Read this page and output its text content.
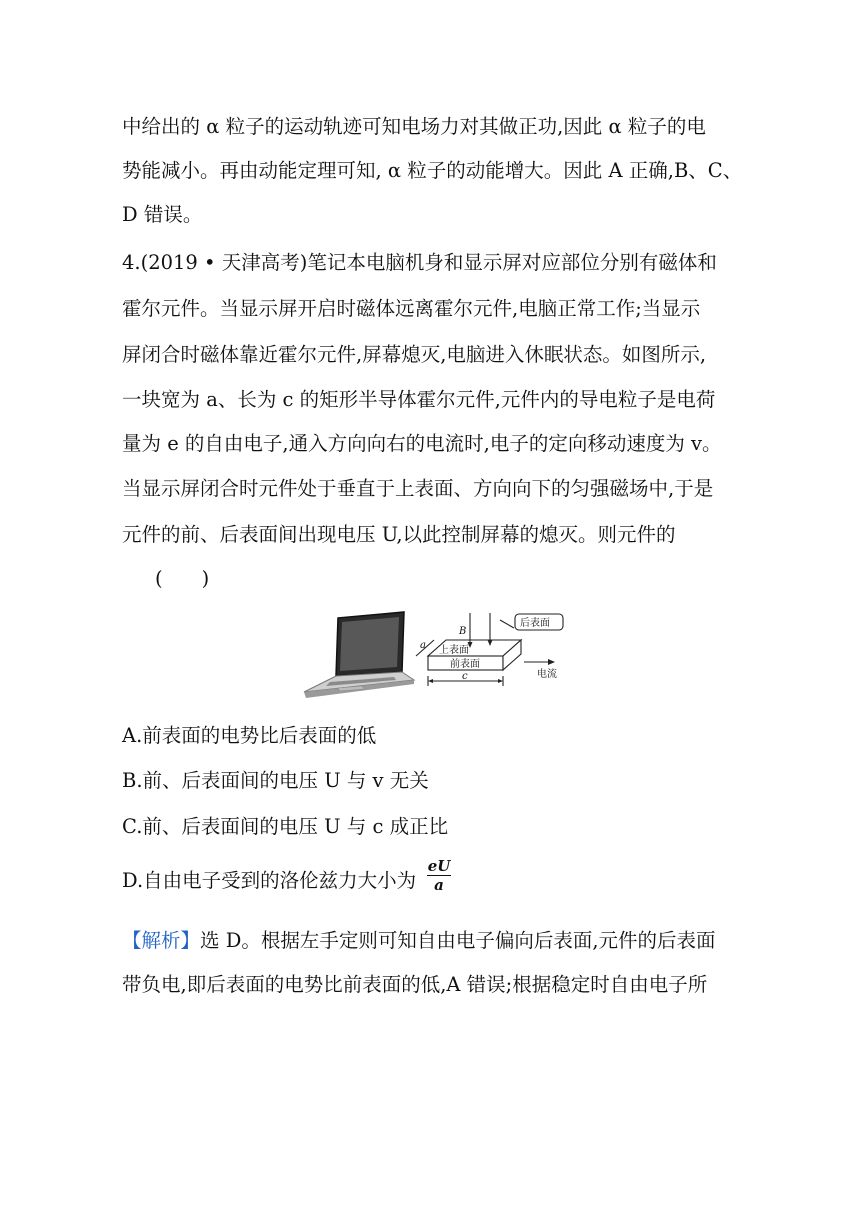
中给出的 α 粒子的运动轨迹可知电场力对其做正功,因此 α 粒子的电
势能减小。再由动能定理可知, α 粒子的动能增大。因此 A 正确,B、C、
D 错误。
4.(2019 • 天津高考)笔记本电脑机身和显示屏对应部位分别有磁体和
霍尔元件。当显示屏开启时磁体远离霍尔元件,电脑正常工作;当显示
屏闭合时磁体靠近霍尔元件,屏幕熄灭,电脑进入休眠状态。如图所示,
一块宽为 a、长为 c 的矩形半导体霍尔元件,元件内的导电粒子是电荷
量为 e 的自由电子,通入方向向右的电流时,电子的定向移动速度为 v。
当显示屏闭合时元件处于垂直于上表面、方向向下的匀强磁场中,于是
元件的前、后表面间出现电压 U,以此控制屏幕的熄灭。则元件的
(　　)
后表面
B
上表面
前表面
电流
a
c
A.前表面的电势比后表面的低
B.前、后表面间的电压 U 与 v 无关
C.前、后表面间的电压 U 与 c 成正比
D.自由电子受到的洛伦兹力大小为 $\frac{eU}{a}$
【解析】选 D。根据左手定则可知自由电子偏向后表面,元件的后表面
带负电,即后表面的电势比前表面的低,A 错误;根据稳定时自由电子所
